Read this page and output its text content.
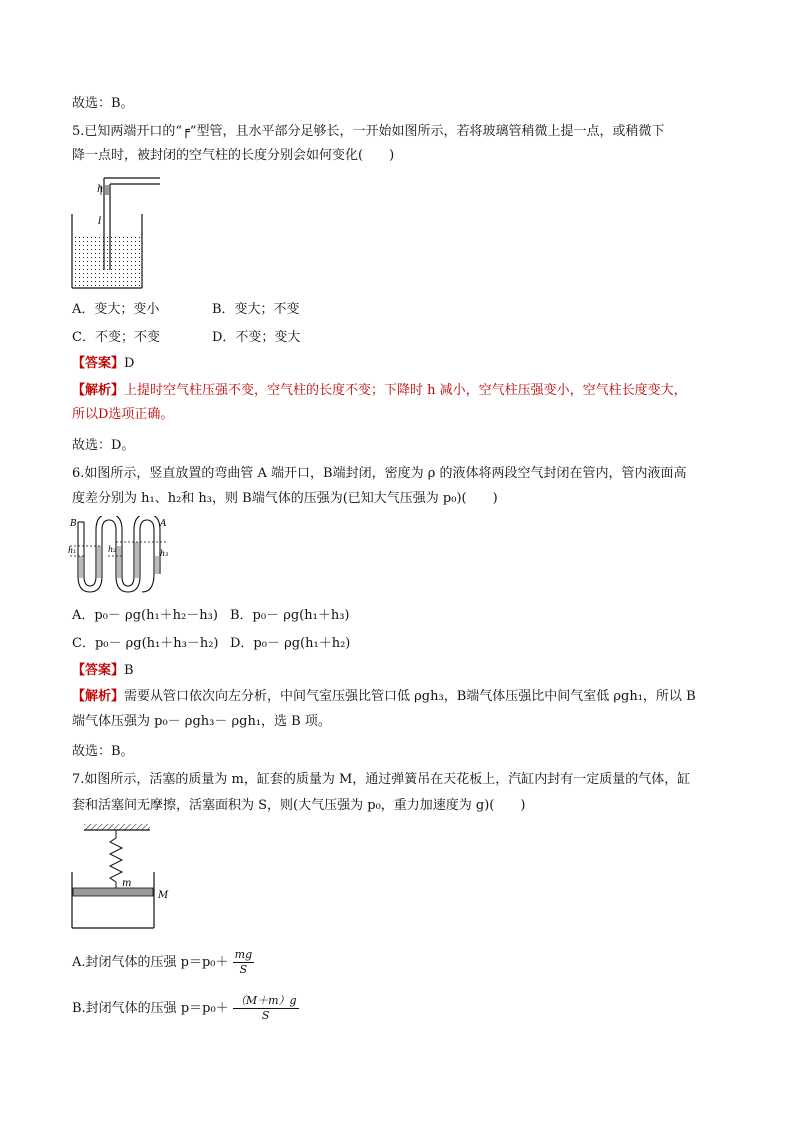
故选：B。
5.已知两端开口的“╒”型管，且水平部分足够长，一开始如图所示，若将玻璃管稍微上提一点，或稍微下
降一点时，被封闭的空气柱的长度分别会如何变化(　　)
h
l
A．变大；变小	B．变大；不变
C．不变；不变	D．不变；变大
【答案】D
【解析】上提时空气柱压强不变，空气柱的长度不变；下降时 h 减小，空气柱压强变小，空气柱长度变大，
所以D选项正确。
故选：D。
6.如图所示，竖直放置的弯曲管 A 端开口，B端封闭，密度为 ρ 的液体将两段空气封闭在管内，管内液面高
度差分别为 h₁、h₂和 h₃，则 B端气体的压强为(已知大气压强为 p₀)(　　)
B	A
h₁	h₂	h₃
A．p₀－ ρg(h₁＋h₂－h₃) B．p₀－ ρg(h₁＋h₃)
C．p₀－ ρg(h₁＋h₃－h₂) D．p₀－ ρg(h₁＋h₂)
【答案】B
【解析】需要从管口依次向左分析，中间气室压强比管口低 ρgh₃，B端气体压强比中间气室低 ρgh₁，所以 B
端气体压强为 p₀－ ρgh₃－ ρgh₁，选 B 项。
故选：B。
7.如图所示，活塞的质量为 m，缸套的质量为 M，通过弹簧吊在天花板上，汽缸内封有一定质量的气体，缸
套和活塞间无摩擦，活塞面积为 S，则(大气压强为 p₀，重力加速度为 g)(　　)
m
M
A.封闭气体的压强 $p=p_0+ \frac{mg}{S}$
B.封闭气体的压强 $p=p_0+ \frac{(M+m)g}{S}$
